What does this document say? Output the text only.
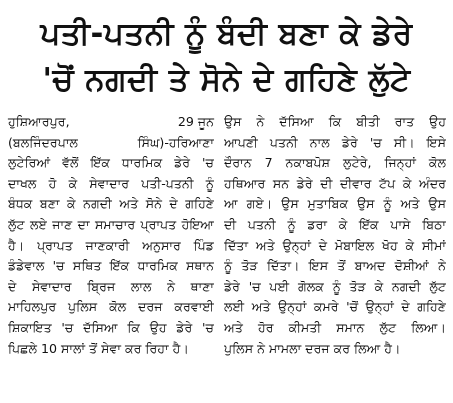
ਪਤੀ-ਪਤਨੀ ਨੂੰ ਬੰਦੀ ਬਣਾ ਕੇ ਡੇਰੇ
'ਚੋਂ ਨਗਦੀ ਤੇ ਸੋਨੇ ਦੇ ਗਹਿਣੇ ਲੁੱਟੇ
ਹੁਸ਼ਿਆਰਪੁਰ,	29 ਜੂਨ
(ਬਲਜਿੰਦਰਪਾਲ ਸਿੰਘ)-ਹਰਿਆਣਾ
ਲੁਟੇਰਿਆਂ ਵੱਲੋਂ ਇੱਕ ਧਾਰਮਿਕ ਡੇਰੇ 'ਚ
ਦਾਖਲ ਹੋ ਕੇ ਸੇਵਾਦਾਰ ਪਤੀ-ਪਤਨੀ ਨੂੰ
ਬੰਧਕ ਬਣਾ ਕੇ ਨਗਦੀ ਅਤੇ ਸੋਨੇ ਦੇ ਗਹਿਣੇ
ਲੁੱਟ ਲਏ ਜਾਣ ਦਾ ਸਮਾਚਾਰ ਪ੍ਰਾਪਤ ਹੋਇਆ
ਹੈ। ਪ੍ਰਾਪਤ ਜਾਣਕਾਰੀ ਅਨੁਸਾਰ ਪਿੰਡ
ਡੰਡੇਵਾਲ 'ਚ ਸਥਿਤ ਇੱਕ ਧਾਰਮਿਕ ਸਥਾਨ
ਦੇ ਸੇਵਾਦਾਰ ਬ੍ਰਿਜ ਲਾਲ ਨੇ ਥਾਣਾ
ਮਾਹਿਲਪੁਰ ਪੁਲਿਸ ਕੋਲ ਦਰਜ ਕਰਵਾਈ
ਸ਼ਿਕਾਇਤ 'ਚ ਦੱਸਿਆ ਕਿ ਉਹ ਡੇਰੇ 'ਚ
ਪਿਛਲੇ 10 ਸਾਲਾਂ ਤੋਂ ਸੇਵਾ ਕਰ ਰਿਹਾ ਹੈ।
ਉਸ ਨੇ ਦੱਸਿਆ ਕਿ ਬੀਤੀ ਰਾਤ ਉਹ
ਆਪਣੀ ਪਤਨੀ ਨਾਲ ਡੇਰੇ 'ਚ ਸੀ। ਇਸੇ
ਦੌਰਾਨ 7 ਨਕਾਬਪੋਸ਼ ਲੁਟੇਰੇ, ਜਿਨ੍ਹਾਂ ਕੋਲ
ਹਥਿਆਰ ਸਨ ਡੇਰੇ ਦੀ ਦੀਵਾਰ ਟੱਪ ਕੇ ਅੰਦਰ
ਆ ਗਏ। ਉਸ ਮੁਤਾਬਿਕ ਉਸ ਨੂੰ ਅਤੇ ਉਸ
ਦੀ ਪਤਨੀ ਨੂੰ ਡਰਾ ਕੇ ਇੱਕ ਪਾਸੇ ਬਿਠਾ
ਦਿੱਤਾ ਅਤੇ ਉਨ੍ਹਾਂ ਦੇ ਮੋਬਾਇਲ ਖੋਹ ਕੇ ਸੀਮਾਂ
ਨੂੰ ਤੋੜ ਦਿੱਤਾ। ਇਸ ਤੋਂ ਬਾਅਦ ਦੋਸ਼ੀਆਂ ਨੇ
ਡੇਰੇ 'ਚ ਪਈ ਗੋਲਕ ਨੂੰ ਤੋੜ ਕੇ ਨਗਦੀ ਲੁੱਟ
ਲਈ ਅਤੇ ਉਨ੍ਹਾਂ ਕਮਰੇ 'ਚੋਂ ਉਨ੍ਹਾਂ ਦੇ ਗਹਿਣੇ
ਅਤੇ ਹੋਰ ਕੀਮਤੀ ਸਮਾਨ ਲੁੱਟ ਲਿਆ।
ਪੁਲਿਸ ਨੇ ਮਾਮਲਾ ਦਰਜ ਕਰ ਲਿਆ ਹੈ।
